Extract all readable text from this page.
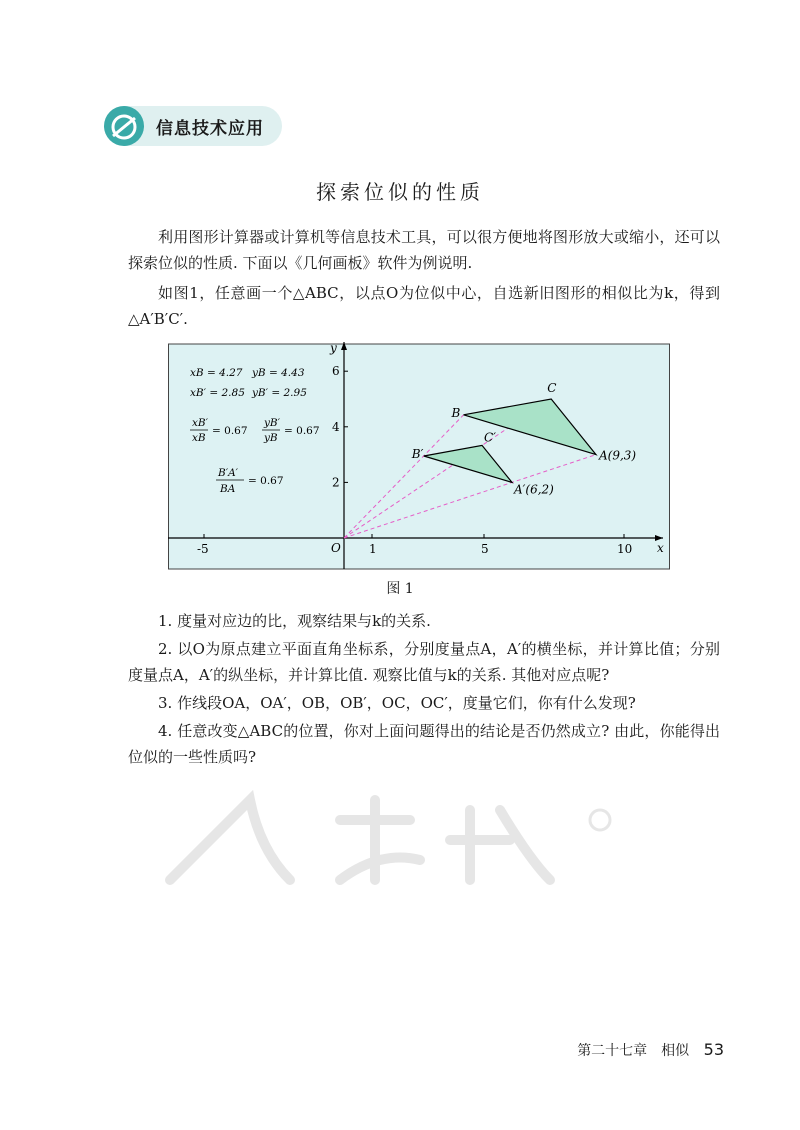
信息技术应用
探索位似的性质
利用图形计算器或计算机等信息技术工具，可以很方便地将图形放大或缩小，还可以探索位似的性质. 下面以《几何画板》软件为例说明.
如图1，任意画一个△ABC，以点O为位似中心，自选新旧图形的相似比为k，得到△A′B′C′.
-5	1	5	10
2
4
6
A(9,3)
B
C
A′(6,2)
B′
C′
x
y
O
xB = 4.27 yB = 4.43
xB′ = 2.85 yB′ = 2.95
xB′
xB
= 0.67
yB′
yB
= 0.67
B′A′
BA
= 0.67
图 1

1. 度量对应边的比，观察结果与k的关系.

2. 以O为原点建立平面直角坐标系，分别度量点A，A′的横坐标，并计算比值；分别度量点A，A′的纵坐标，并计算比值. 观察比值与k的关系. 其他对应点呢?

3. 作线段OA，OA′，OB，OB′，OC，OC′，度量它们，你有什么发现?

4. 任意改变△ABC的位置，你对上面问题得出的结论是否仍然成立? 由此，你能得出位似的一些性质吗?

第二十七章　相似 53
